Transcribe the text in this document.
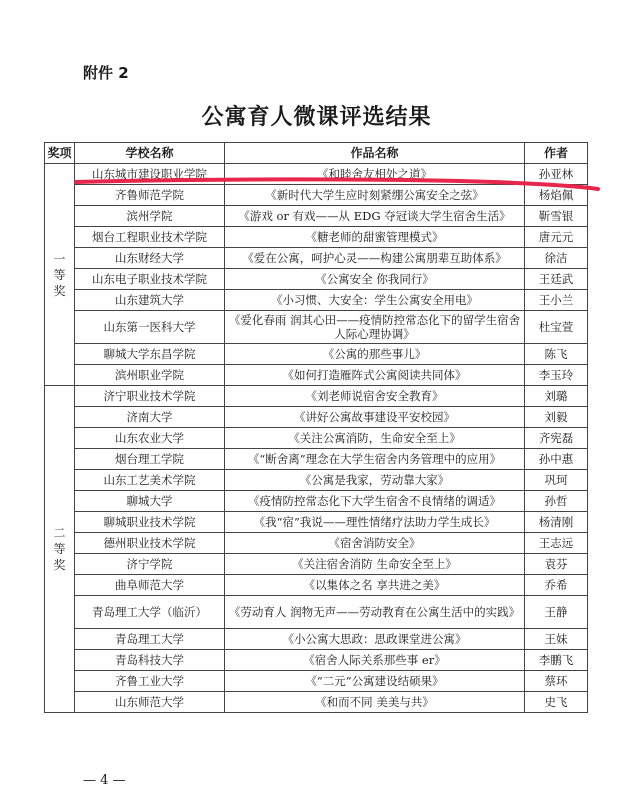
附件 2
公寓育人微课评选结果
奖项	学校名称	作品名称	作者

一等奖	山东城市建设职业学院	《和睦舍友相处之道》	孙亚林
	齐鲁师范学院	《新时代大学生应时刻紧绷公寓安全之弦》	杨焰佩
	滨州学院	《游戏 or 有戏——从 EDG 夺冠谈大学生宿舍生活》	靳雪银
	烟台工程职业技术学院	《糖老师的甜蜜管理模式》	唐元元
	山东财经大学	《爱在公寓，呵护心灵——构建公寓朋辈互助体系》	徐洁
	山东电子职业技术学院	《公寓安全 你我同行》	王廷武
	山东建筑大学	《小习惯、大安全：学生公寓安全用电》	王小兰
	山东第一医科大学	《爱化春雨 润其心田——疫情防控常态化下的留学生宿舍人际心理协调》	杜宝萱
	聊城大学东昌学院	《公寓的那些事儿》	陈飞
	滨州职业学院	《如何打造雁阵式公寓阅读共同体》	李玉玲

二等奖	济宁职业技术学院	《刘老师说宿舍安全教育》	刘璐
	济南大学	《讲好公寓故事建设平安校园》	刘毅
	山东农业大学	《关注公寓消防，生命安全至上》	齐宪磊
	烟台理工学院	《“断舍离”理念在大学生宿舍内务管理中的应用》	孙中惠
	山东工艺美术学院	《公寓是我家，劳动靠大家》	巩珂
	聊城大学	《疫情防控常态化下大学生宿舍不良情绪的调适》	孙哲
	聊城职业技术学院	《我“宿”我说——理性情绪疗法助力学生成长》	杨清刚
	德州职业技术学院	《宿舍消防安全》	王志远
	济宁学院	《关注宿舍消防 生命安全至上》	袁芬
	曲阜师范大学	《以集体之名 享共进之美》	乔希
	青岛理工大学（临沂）	《劳动育人 润物无声——劳动教育在公寓生活中的实践》	王静
	青岛理工大学	《小公寓大思政：思政课堂进公寓》	王妹
	青岛科技大学	《宿舍人际关系那些事 er》	李鹏飞
	齐鲁工业大学	《“二元”公寓建设结硕果》	蔡环
	山东师范大学	《和而不同 美美与共》	史飞
— 4 —
